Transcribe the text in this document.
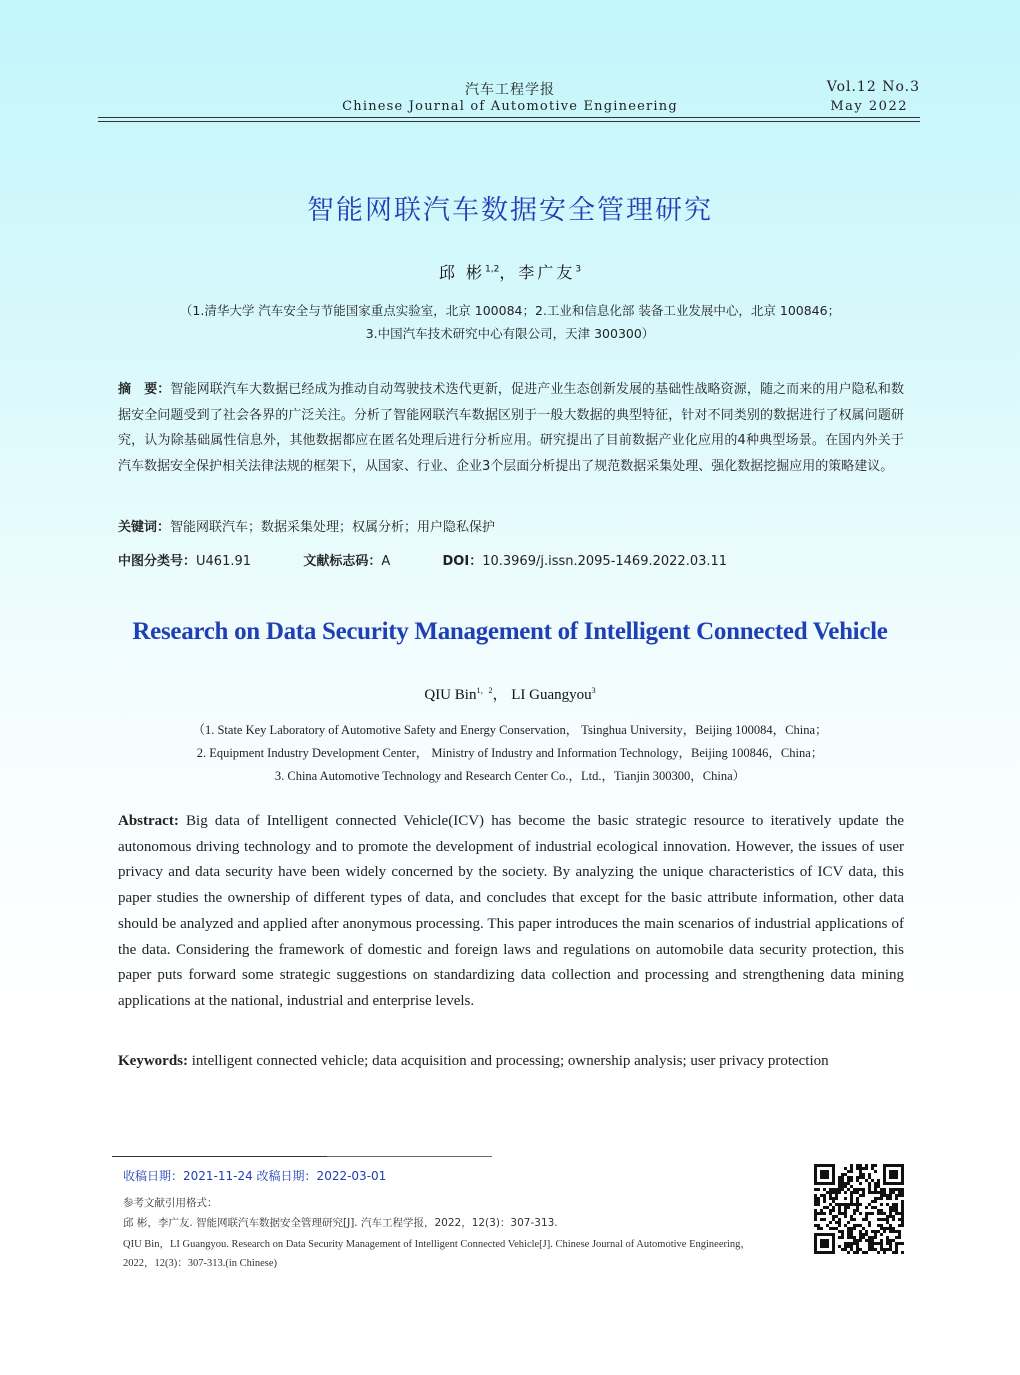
汽车工程学报
Chinese Journal of Automotive Engineering
Vol.12 No.3
May 2022
智能网联汽车数据安全管理研究
邱 彬$^{1,2}$，李广友$^3$
（1.清华大学 汽车安全与节能国家重点实验室，北京 100084；2.工业和信息化部 装备工业发展中心，北京 100846；
3.中国汽车技术研究中心有限公司，天津 300300）
摘　要：智能网联汽车大数据已经成为推动自动驾驶技术迭代更新，促进产业生态创新发展的基础性战略资源，随之而来的用户隐私和数据安全问题受到了社会各界的广泛关注。分析了智能网联汽车数据区别于一般大数据的典型特征，针对不同类别的数据进行了权属问题研究，认为除基础属性信息外，其他数据都应在匿名处理后进行分析应用。研究提出了目前数据产业化应用的4种典型场景。在国内外关于汽车数据安全保护相关法律法规的框架下，从国家、行业、企业3个层面分析提出了规范数据采集处理、强化数据挖掘应用的策略建议。
关键词：智能网联汽车；数据采集处理；权属分析；用户隐私保护
中图分类号：U461.91	文献标志码：A	DOI：10.3969/j.issn.2095-1469.2022.03.11
Research on Data Security Management of Intelligent Connected Vehicle
QIU Bin$^{1,2}$， LI Guangyou$^3$
（1. State Key Laboratory of Automotive Safety and Energy Conservation， Tsinghua University，Beijing 100084，China；
2. Equipment Industry Development Center， Ministry of Industry and Information Technology，Beijing 100846，China；
3. China Automotive Technology and Research Center Co.，Ltd.，Tianjin 300300，China）
Abstract: Big data of Intelligent connected Vehicle(ICV) has become the basic strategic resource to iteratively update the autonomous driving technology and to promote the development of industrial ecological innovation. However, the issues of user privacy and data security have been widely concerned by the society. By analyzing the unique characteristics of ICV data, this paper studies the ownership of different types of data, and concludes that except for the basic attribute information, other data should be analyzed and applied after anonymous processing. This paper introduces the main scenarios of industrial applications of the data. Considering the framework of domestic and foreign laws and regulations on automobile data security protection, this paper puts forward some strategic suggestions on standardizing data collection and processing and strengthening data mining applications at the national, industrial and enterprise levels.
Keywords: intelligent connected vehicle; data acquisition and processing; ownership analysis; user privacy protection
收稿日期：2021-11-24 改稿日期：2022-03-01
参考文献引用格式：
邱 彬，李广友. 智能网联汽车数据安全管理研究[J]. 汽车工程学报，2022，12(3)：307-313.
QIU Bin，LI Guangyou. Research on Data Security Management of Intelligent Connected Vehicle[J]. Chinese Journal of Automotive Engineering，2022，12(3)：307-313.(in Chinese)
